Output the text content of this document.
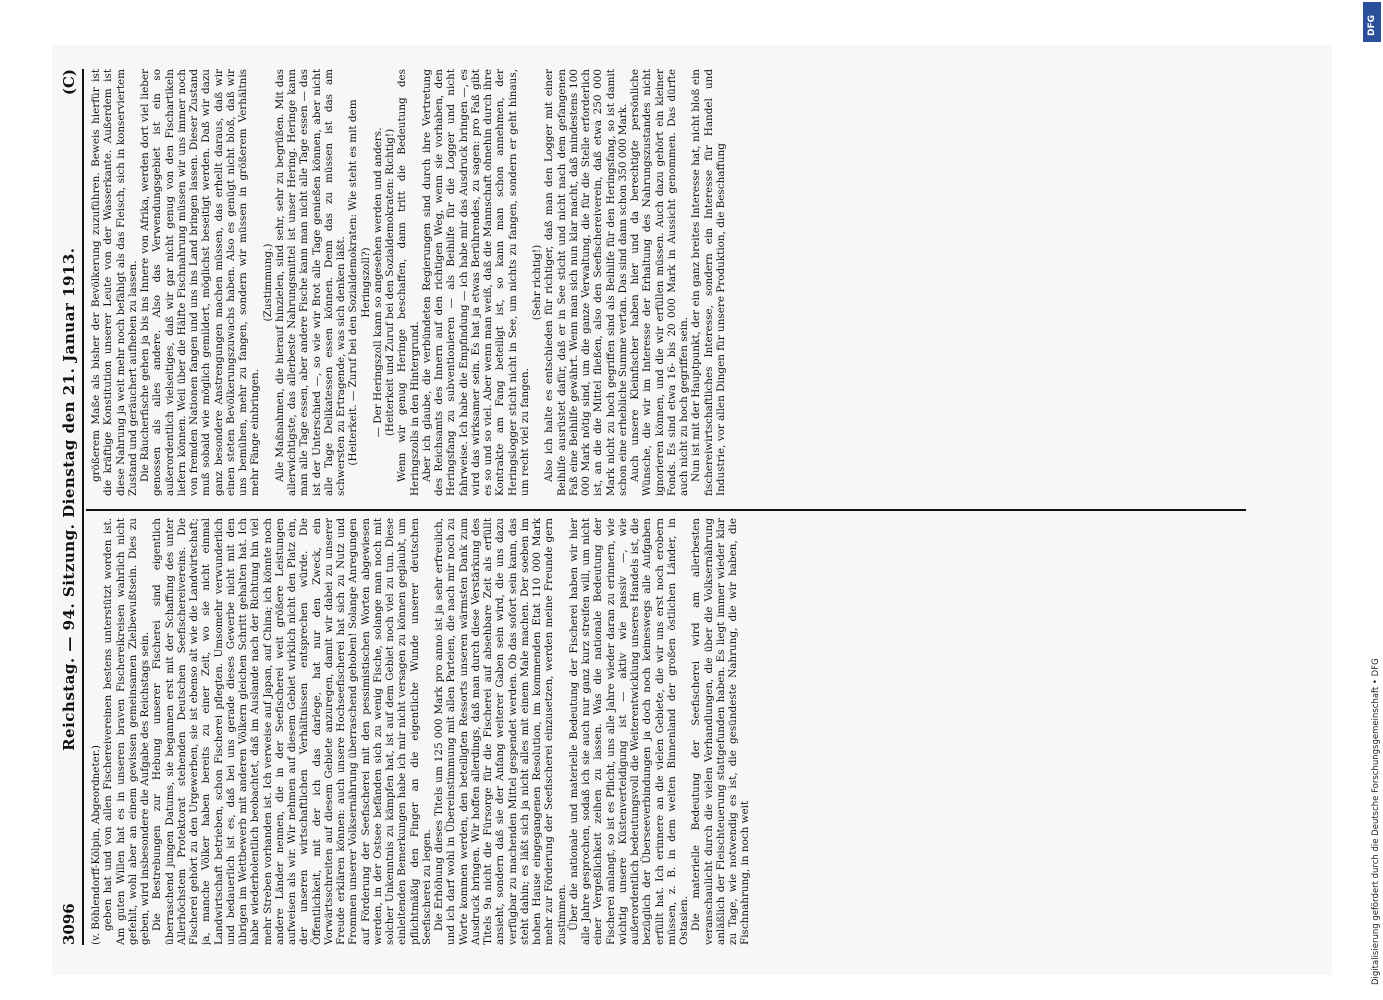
3096
Reichstag. — 94. Sitzung. Dienstag den 21. Januar 1913.
(C)

(v. Böhlendorff-Kölpin, Abgeordneter.) geben hat und von allen Fischereivereinen bestens unterstützt worden ist. Am guten Willen hat es in unseren braven Fischereikreisen wahrlich nicht gefehlt, wohl aber an einem gewissen gemeinsamen Zielbewußtsein. Dies zu geben, wird insbesondere die Aufgabe des Reichstags sein. Die Bestrebungen zur Hebung unserer Fischerei sind eigentlich überraschend jungen Datums, sie begannen erst mit der Schaffung des unter Allerhöchstem Protektorat stehenden Deutschen Seefischereivereins. Die Fischerei gehört zu den Urgewerben, sie ist ebenso alt wie die Landwirtschaft; ja, manche Völker haben bereits zu einer Zeit, wo sie nicht einmal Landwirtschaft betrieben, schon Fischerei pflegten. Umsomehr verwunderlich und bedauerlich ist es, daß bei uns gerade dieses Gewerbe nicht mit den übrigen im Wettbewerb mit anderen Völkern gleichen Schritt gehalten hat. Ich habe wiederholentlich beobachtet, daß im Auslande nach der Richtung hin viel mehr Streben vorhanden ist. Ich verweise auf Japan, auf China; ich könnte noch andere Länder nennen, die in der Seefischerei weit größere Leistungen aufweisen als wir. Wir nehmen auf diesem Gebiet wirklich nicht den Platz ein, der unseren wirtschaftlichen Verhältnissen entsprechen würde. Die Öffentlichkeit, mit der ich das darlege, hat nur den Zweck, ein Vorwärtsschreiten auf diesem Gebiete anzuregen, damit wir dabei zu unserer Freude erklären können: auch unsere Hochseefischerei hat sich zu Nutz und Frommen unserer Volksernährung überraschend gehoben! Solange Anregungen auf Förderung der Seefischerei mit den pessimistischen Worten abgewiesen werden, in der Ostsee befänden sich zu wenig Fische, solange man noch mit solcher Unkenntnis zu kämpfen hat, ist auf dem Gebiet noch viel zu tun. Diese einleitenden Bemerkungen habe ich mir nicht versagen zu können geglaubt, um pflichtmäßig den Finger an die eigentliche Wunde unserer deutschen Seefischerei zu legen. Die Erhöhung dieses Titels um 125 000 Mark pro anno ist ja sehr erfreulich, und ich darf wohl in Übereinstimmung mit allen Parteien, die nach mir noch zu Worte kommen werden, den beteiligten Ressorts unseren wärmsten Dank zum Ausdruck bringen. Wir hoffen allerdings, daß man durch diese Verstärkung des Titels 9a nicht die Fürsorge für die Fischerei auf absehbare Zeit als erfüllt ansieht, sondern daß sie der Anfang weiterer Gaben sein wird, die uns dazu verfügbar zu machenden Mittel gespendet werden. Ob das sofort sein kann, das steht dahin; es läßt sich ja nicht alles mit einem Male machen. Der soeben im hohen Hause eingegangenen Resolution, im kommenden Etat 110 000 Mark mehr zur Förderung der Seefischerei einzusetzen, werden meine Freunde gern zustimmen. Über die nationale und materielle Bedeutung der Fischerei haben wir hier alle Jahre gesprochen, sodaß ich sie auch nur ganz kurz streifen will, um nicht einer Vergeßlichkeit zeihen zu lassen. Was die nationale Bedeutung der Fischerei anlangt, so ist es Pflicht, uns alle Jahre wieder daran zu erinnern, wie wichtig unsere Küstenverteidigung ist — aktiv wie passiv —, wie außerordentlich bedeutungsvoll die Weiterentwicklung unseres Handels ist, die bezüglich der Überseeverbindungen ja doch noch keineswegs alle Aufgaben erfüllt hat. Ich erinnere an die vielen Gebiete, die wir uns erst noch erobern müssen, z. B. in dem weiten Binnenland der großen östlichen Länder, in Ostasien. Die materielle Bedeutung der Seefischerei wird am allerbesten veranschaulicht durch die vielen Verhandlungen, die über die Volksernährung anläßlich der Fleischteuerung stattgefunden haben. Es liegt immer wieder klar zu Tage, wie notwendig es ist, die gesündeste Nahrung, die wir haben, die Fischnahrung, in noch weit

größerem Maße als bisher der Bevölkerung zuzuführen. Beweis hierfür ist die kräftige Konstitution unserer Leute von der Wasserkante. Außerdem ist diese Nahrung ja weit mehr noch befähigt als das Fleisch, sich in konserviertem Zustand und geräuchert aufheben zu lassen. Die Räucherfische gehen ja bis ins Innere von Afrika, werden dort viel lieber genossen als alles andere. Also das Verwendungsgebiet ist ein so außerordentlich vielseitiges, daß wir gar nicht genug von den Fischartikeln liefern können. Weil über die Hälfte Fischnahrung müssen wir uns immer noch von fremden Nationen fangen und uns ins Land bringen lassen. Dieser Zustand muß sobald wie möglich gemildert, möglichst beseitigt werden. Daß wir dazu ganz besondere Anstrengungen machen müssen, das erhellt daraus, daß wir einen steten Bevölkerungszuwachs haben. Also es genügt nicht bloß, daß wir uns bemühen, mehr zu fangen, sondern wir müssen in größerem Verhältnis mehr Fänge einbringen.

(Zustimmung.) Alle Maßnahmen, die hierauf hinzielen, sind sehr, sehr zu begrüßen. Mit das allerwichtigste, das allerbeste Nahrungsmittel ist unser Hering. Heringe kann man alle Tage essen, aber andere Fische kann man nicht alle Tage essen — das ist der Unterschied —, so wie wir Brot alle Tage genießen können, aber nicht alle Tage Delikatessen essen können. Denn das zu müssen ist das am schwersten zu Ertragende, was sich denken läßt. (Heiterkeit. — Zuruf bei den Sozialdemokraten: Wie steht es mit dem Heringszoll?) — Der Heringszoll kann so angesehen werden und anders. (Heiterkeit und Zuruf bei den Sozialdemokraten: Richtig!) Wenn wir genug Heringe beschaffen, dann tritt die Bedeutung des Heringszolls in den Hintergrund. Aber ich glaube, die verbündeten Regierungen sind durch ihre Vertretung des Reichsamts des Innern auf den richtigen Weg, wenn sie vorhaben, den Heringsfang zu subventionieren — als Beihilfe für die Logger und nicht fahrweise. Ich habe die Empfindung — ich habe mir das Ausdruck bringen —, es wird das wirksamer sein. Es hat ja etwas Berührendes, zu sagen: pro Faß gibt es so und so viel. Aber wenn man weiß, daß die Mannschaft ohnehin durch ihre Kontrakte am Fang beteiligt ist, so kann man schon annehmen, der Heringslogger sticht nicht in See, um nichts zu fangen, sondern er geht hinaus, um recht viel zu fangen.

(Sehr richtig!) Also ich halte es entschieden für richtiger, daß man den Logger mit einer Beihilfe ausrüstet dafür, daß er in See sticht und nicht nach dem gefangenen Faß eine Beihilfe gewährt. Wenn man sich nun klar macht, daß mindestens 100 000 Mark nötig sind, um die ganze Verwaltung, die für die Stelle erforderlich ist, an die die Mittel fließen, also den Seefischereiverein, daß etwa 250 000 Mark nicht zu hoch gegriffen sind als Beihilfe für den Heringsfang, so ist damit schon eine erhebliche Summe vertan. Das sind dann schon 350 000 Mark. Auch unsere Kleinfischer haben hier und da berechtigte persönliche Wünsche, die wir im Interesse der Erhaltung des Nahrungszustandes nicht ignorieren können, und die wir erfüllen müssen. Auch dazu gehört ein kleiner Fonds. Es sind etwa 16- bis 20 000 Mark in Aussicht genommen. Das dürfte auch nicht zu hoch gegriffen sein. Nun ist mit der Hauptpunkt, der ein ganz breites Interesse hat, nicht bloß ein fischereiwirtschaftliches Interesse, sondern ein Interesse für Handel und Industrie, vor allen Dingen für unsere Produktion, die Beschaffung

Digitalisierung gefördert durch die Deutsche Forschungsgemeinschaft • DFG
DFG
